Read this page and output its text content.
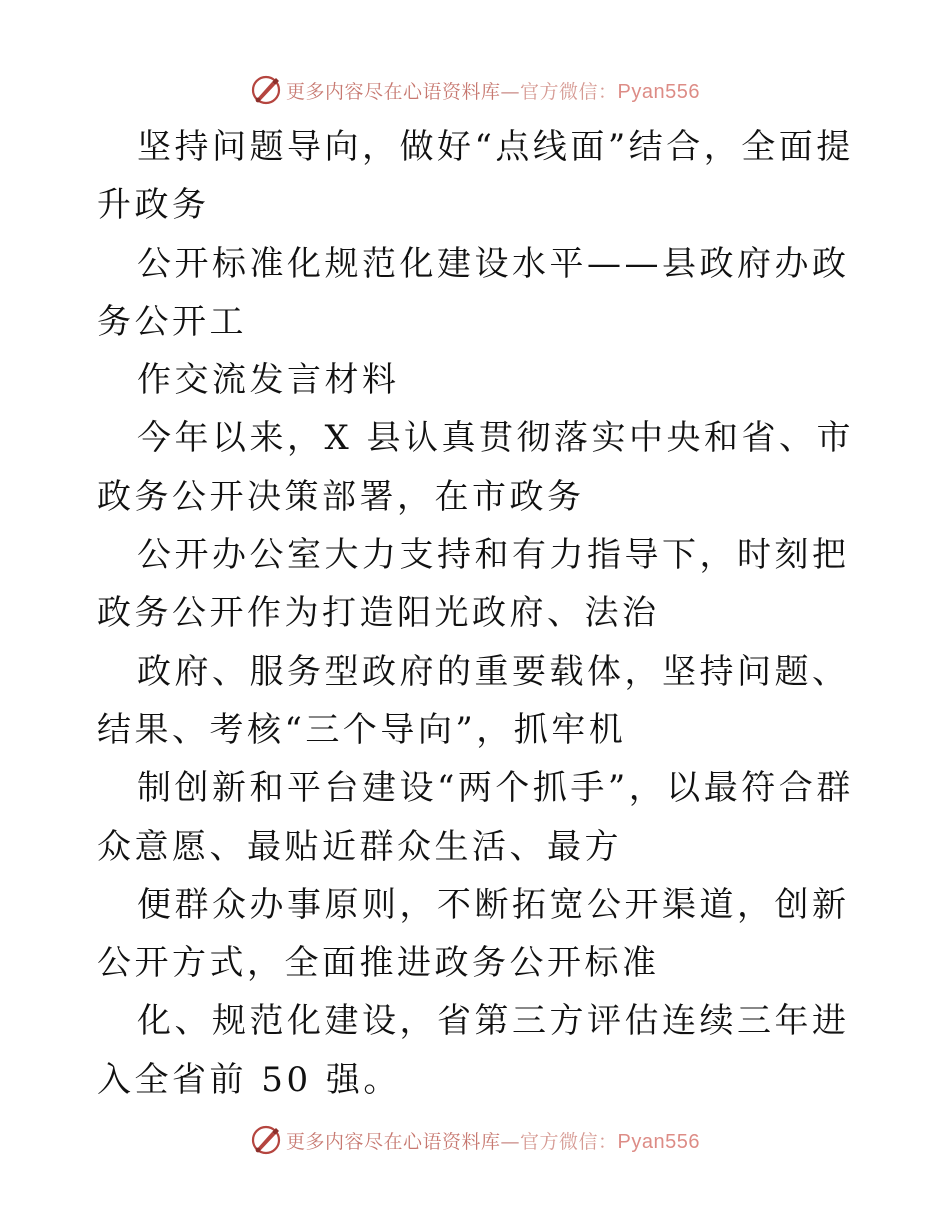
更多内容尽在心语资料库—官方微信：Pyan556

坚持问题导向，做好“点线面”结合，全面提升政务

公开标准化规范化建设水平——县政府办政务公开工

作交流发言材料

今年以来，X 县认真贯彻落实中央和省、市政务公开决策部署，在市政务

公开办公室大力支持和有力指导下，时刻把政务公开作为打造阳光政府、法治

政府、服务型政府的重要载体，坚持问题、结果、考核“三个导向”，抓牢机

制创新和平台建设“两个抓手”，以最符合群众意愿、最贴近群众生活、最方

便群众办事原则，不断拓宽公开渠道，创新公开方式，全面推进政务公开标准

化、规范化建设，省第三方评估连续三年进入全省前 50 强。

更多内容尽在心语资料库—官方微信：Pyan556
